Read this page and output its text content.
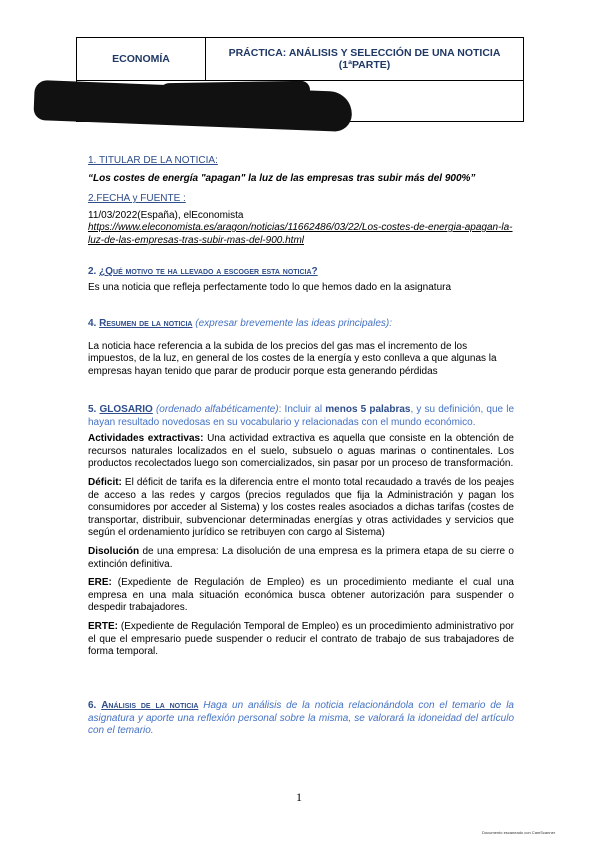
ECONOMÍA	PRÁCTICA: ANÁLISIS Y SELECCIÓN DE UNA NOTICIA (1ªPARTE)

1. TITULAR DE LA NOTICIA:

“Los costes de energía "apagan" la luz de las empresas tras subir más del 900%”

2.FECHA y FUENTE :

11/03/2022(España), elEconomista

https://www.eleconomista.es/aragon/noticias/11662486/03/22/Los-costes-de-energia-apagan-la-

luz-de-las-empresas-tras-subir-mas-del-900.html

2. ¿Qué motivo te ha llevado a escoger esta noticia?

Es una noticia que refleja perfectamente todo lo que hemos dado en la asignatura

4. Resumen de la noticia (expresar brevemente las ideas principales):

La noticia hace referencia a la subida de los precios del gas mas el incremento de los impuestos, de la luz, en general de los costes de la energía y esto conlleva a que algunas la empresas hayan tenido que parar de producir porque esta generando pérdidas

5. GLOSARIO (ordenado alfabéticamente): Incluir al menos 5 palabras, y su definición, que le hayan resultado novedosas en su vocabulario y relacionadas con el mundo económico.

Actividades extractivas: Una actividad extractiva es aquella que consiste en la obtención de recursos naturales localizados en el suelo, subsuelo o aguas marinas o continentales. Los productos recolectados luego son comercializados, sin pasar por un proceso de transformación.

Déficit: El déficit de tarifa es la diferencia entre el monto total recaudado a través de los peajes de acceso a las redes y cargos (precios regulados que fija la Administración y pagan los consumidores por acceder al Sistema) y los costes reales asociados a dichas tarifas (costes de transportar, distribuir, subvencionar determinadas energías y otras actividades y servicios que según el ordenamiento jurídico se retribuyen con cargo al Sistema)

Disolución de una empresa: La disolución de una empresa es la primera etapa de su cierre o extinción definitiva.

ERE: (Expediente de Regulación de Empleo) es un procedimiento mediante el cual una empresa en una mala situación económica busca obtener autorización para suspender o despedir trabajadores.

ERTE: (Expediente de Regulación Temporal de Empleo) es un procedimiento administrativo por el que el empresario puede suspender o reducir el contrato de trabajo de sus trabajadores de forma temporal.

6. Análisis de la noticia Haga un análisis de la noticia relacionándola con el temario de la asignatura y aporte una reflexión personal sobre la misma, se valorará la idoneidad del artículo con el temario.

1
Documento escaneado con CamScanner
